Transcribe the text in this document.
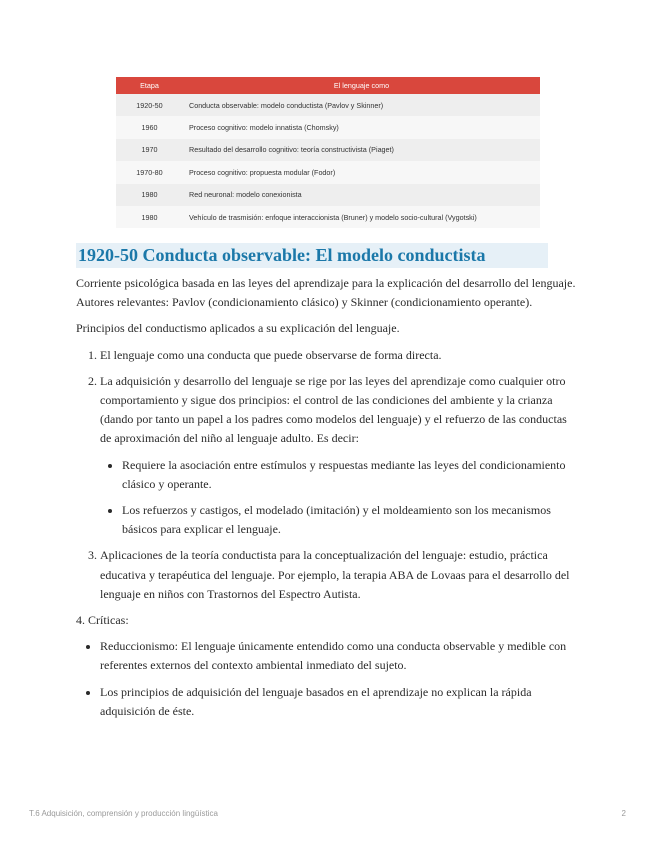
Etapa	El lenguaje como
1920-50	Conducta observable: modelo conductista (Pavlov y Skinner)
1960	Proceso cognitivo: modelo innatista (Chomsky)
1970	Resultado del desarrollo cognitivo: teoría constructivista (Piaget)
1970-80	Proceso cognitivo: propuesta modular (Fodor)
1980	Red neuronal: modelo conexionista
1980	Vehículo de trasmisión: enfoque interaccionista (Bruner) y modelo socio-cultural (Vygotski)
1920-50 Conducta observable: El modelo conductista

Corriente psicológica basada en las leyes del aprendizaje para la explicación del desarrollo del lenguaje. Autores relevantes: Pavlov (condicionamiento clásico) y Skinner (condicionamiento operante).

Principios del conductismo aplicados a su explicación del lenguaje.

1. El lenguaje como una conducta que puede observarse de forma directa.
2. La adquisición y desarrollo del lenguaje se rige por las leyes del aprendizaje como cualquier otro comportamiento y sigue dos principios: el control de las condiciones del ambiente y la crianza (dando por tanto un papel a los padres como modelos del lenguaje) y el refuerzo de las conductas de aproximación del niño al lenguaje adulto. Es decir:
• Requiere la asociación entre estímulos y respuestas mediante las leyes del condicionamiento clásico y operante.
• Los refuerzos y castigos, el modelado (imitación) y el moldeamiento son los mecanismos básicos para explicar el lenguaje.
3. Aplicaciones de la teoría conductista para la conceptualización del lenguaje: estudio, práctica educativa y terapéutica del lenguaje. Por ejemplo, la terapia ABA de Lovaas para el desarrollo del lenguaje en niños con Trastornos del Espectro Autista.

4. Críticas:

• Reduccionismo: El lenguaje únicamente entendido como una conducta observable y medible con referentes externos del contexto ambiental inmediato del sujeto.
• Los principios de adquisición del lenguaje basados en el aprendizaje no explican la rápida adquisición de éste.
T.6 Adquisición, comprensión y producción lingüística	2
